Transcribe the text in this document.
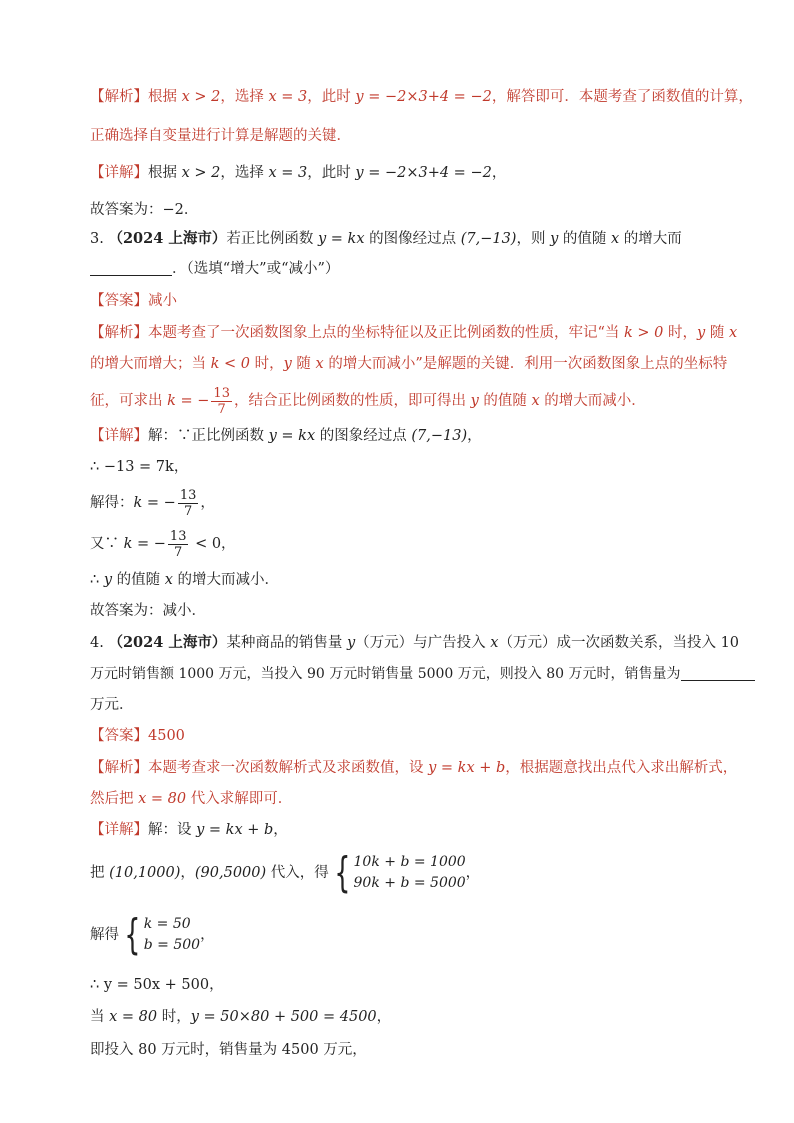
【解析】根据 x > 2，选择 x = 3，此时 y = −2×3+4 = −2，解答即可．本题考查了函数值的计算，
正确选择自变量进行计算是解题的关键．
【详解】根据 x > 2，选择 x = 3，此时 y = −2×3+4 = −2，
故答案为：−2．
3. （2024 上海市）若正比例函数 y = kx 的图像经过点 (7,−13)，则 y 的值随 x 的增大而
．（选填“增大”或“减小”）
【答案】减小
【解析】本题考查了一次函数图象上点的坐标特征以及正比例函数的性质，牢记“当 k > 0 时，y 随 x
的增大而增大；当 k < 0 时，y 随 x 的增大而减小”是解题的关键．利用一次函数图象上点的坐标特
征，可求出 k = − $\frac{13}{7}$ ，结合正比例函数的性质，即可得出 y 的值随 x 的增大而减小．
【详解】解：∵正比例函数 y = kx 的图象经过点 (7,−13)，
∴ −13 = 7k，
解得：k = − $\frac{13}{7}$ ，
又∵ k = − $\frac{13}{7} < 0$，
∴ y 的值随 x 的增大而减小．
故答案为：减小．
4. （2024 上海市）某种商品的销售量 y（万元）与广告投入 x（万元）成一次函数关系，当投入 10
万元时销售额 1000 万元，当投入 90 万元时销售量 5000 万元，则投入 80 万元时，销售量为
万元．
【答案】4500
【解析】本题考查求一次函数解析式及求函数值，设 y = kx + b，根据题意找出点代入求出解析式，
然后把 x = 80 代入求解即可．
【详解】解：设 y = kx + b，
把 (10,1000)，(90,5000) 代入，得 { 10k + b = 1000
90k + b = 5000
，
解得 { k = 50
b = 500
，
∴ y = 50x + 500，
当 x = 80 时，y = 50×80 + 500 = 4500，
即投入 80 万元时，销售量为 4500 万元，
